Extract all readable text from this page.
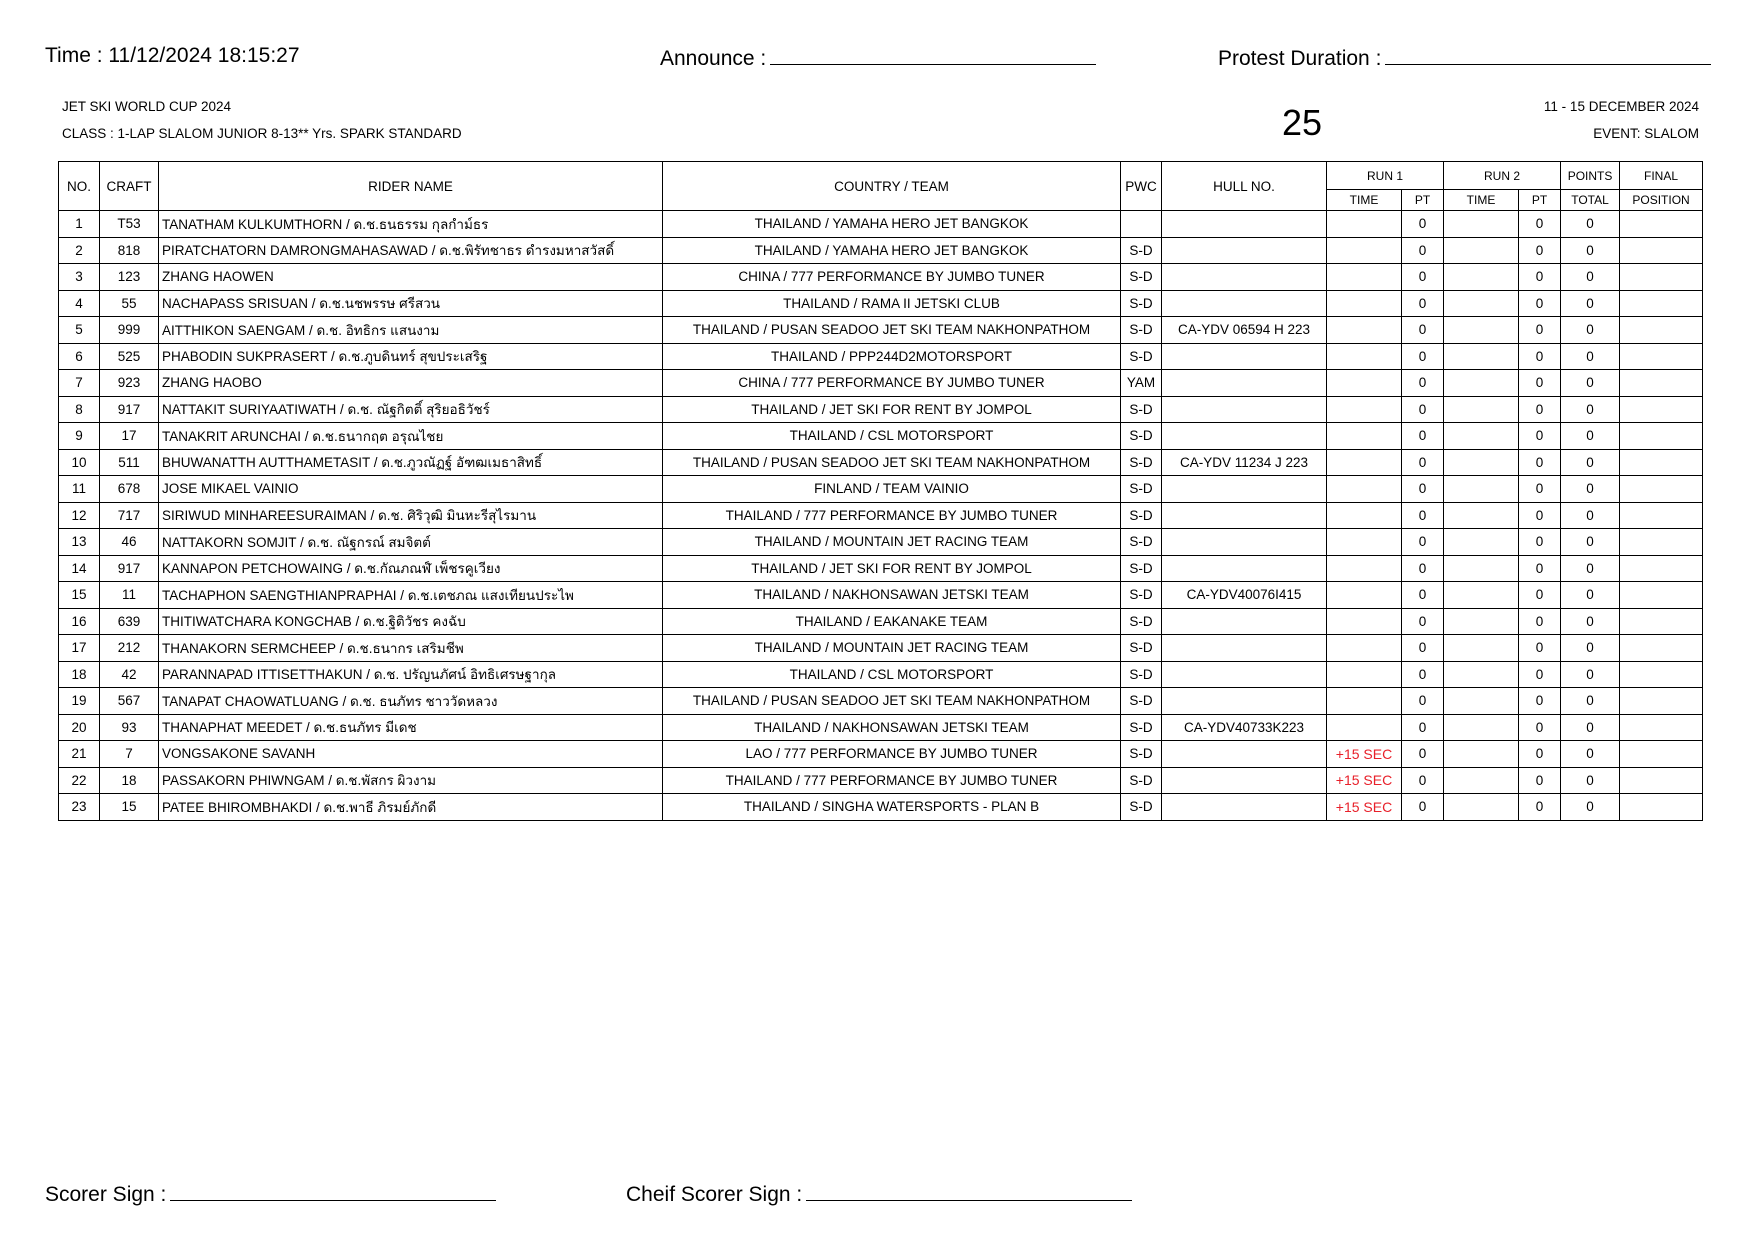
Time : 11/12/2024 18:15:27	Announce :	Protest Duration :
JET SKI WORLD CUP 2024
CLASS : 1-LAP SLALOM JUNIOR 8-13** Yrs. SPARK STANDARD	25	11 - 15 DECEMBER 2024
EVENT: SLALOM
NO.	CRAFT	RIDER NAME	COUNTRY / TEAM	PWC	HULL NO.	RUN 1		RUN 2		POINTS	FINAL
						TIME	PT	TIME	PT	TOTAL	POSITION
1	T53	TANATHAM KULKUMTHORN / ด.ช.ธนธรรม กุลกำม์ธร	THAILAND / YAMAHA HERO JET BANGKOK				0		0	0	
2	818	PIRATCHATORN DAMRONGMAHASAWAD / ด.ช.พิรัทชาธร ดำรงมหาสวัสดิ์	THAILAND / YAMAHA HERO JET BANGKOK	S-D			0		0	0	
3	123	ZHANG HAOWEN	CHINA / 777 PERFORMANCE BY JUMBO TUNER	S-D			0		0	0	
4	55	NACHAPASS SRISUAN / ด.ช.นชพรรษ ศรีสวน	THAILAND / RAMA II JETSKI CLUB	S-D			0		0	0	
5	999	AITTHIKON SAENGAM / ด.ช. อิทธิกร แสนงาม	THAILAND / PUSAN SEADOO JET SKI TEAM NAKHONPATHOM	S-D	CA-YDV 06594 H 223		0		0	0	
6	525	PHABODIN SUKPRASERT / ด.ช.ภูบดินทร์ สุขประเสริฐ	THAILAND / PPP244D2MOTORSPORT	S-D			0		0	0	
7	923	ZHANG HAOBO	CHINA / 777 PERFORMANCE BY JUMBO TUNER	YAM			0		0	0	
8	917	NATTAKIT SURIYAATIWATH / ด.ช. ณัฐกิตติ์ สุริยอธิวัชร์	THAILAND / JET SKI FOR RENT BY JOMPOL	S-D			0		0	0	
9	17	TANAKRIT ARUNCHAI / ด.ช.ธนากฤต อรุณไชย	THAILAND / CSL MOTORSPORT	S-D			0		0	0	
10	511	BHUWANATTH AUTTHAMETASIT / ด.ช.ภูวณัฏฐ์ อัฑฒเมธาสิทธิ์	THAILAND / PUSAN SEADOO JET SKI TEAM NAKHONPATHOM	S-D	CA-YDV 11234 J 223		0		0	0	
11	678	JOSE MIKAEL VAINIO	FINLAND / TEAM VAINIO	S-D			0		0	0	
12	717	SIRIWUD MINHAREESURAIMAN / ด.ช. ศิริวุฒิ มินหะรีสุไรมาน	THAILAND / 777 PERFORMANCE BY JUMBO TUNER	S-D			0		0	0	
13	46	NATTAKORN SOMJIT / ด.ช. ณัฐกรณ์ สมจิตต์	THAILAND / MOUNTAIN JET RACING TEAM	S-D			0		0	0	
14	917	KANNAPON PETCHOWAING / ด.ช.กัณภณฬ์ เพ็ชรคูเวียง	THAILAND / JET SKI FOR RENT BY JOMPOL	S-D			0		0	0	
15	11	TACHAPHON SAENGTHIANPRAPHAI / ด.ช.เตชภณ แสงเทียนประไพ	THAILAND / NAKHONSAWAN JETSKI TEAM	S-D	CA-YDV40076I415		0		0	0	
16	639	THITIWATCHARA KONGCHAB / ด.ช.ฐิติวัชร คงฉับ	THAILAND / EAKANAKE TEAM	S-D			0		0	0	
17	212	THANAKORN SERMCHEEP / ด.ช.ธนากร เสริมชีพ	THAILAND / MOUNTAIN JET RACING TEAM	S-D			0		0	0	
18	42	PARANNAPAD ITTISETTHAKUN / ด.ช. ปรัญนภัศน์ อิทธิเศรษฐากุล	THAILAND / CSL MOTORSPORT	S-D			0		0	0	
19	567	TANAPAT CHAOWATLUANG / ด.ช. ธนภัทร ชาววัดหลวง	THAILAND / PUSAN SEADOO JET SKI TEAM NAKHONPATHOM	S-D			0		0	0	
20	93	THANAPHAT MEEDET / ด.ช.ธนภัทร มีเดช	THAILAND / NAKHONSAWAN JETSKI TEAM	S-D	CA-YDV40733K223		0		0	0	
21	7	VONGSAKONE SAVANH	LAO / 777 PERFORMANCE BY JUMBO TUNER	S-D		+15 SEC	0		0	0	
22	18	PASSAKORN PHIWNGAM / ด.ช.พัสกร ผิวงาม	THAILAND / 777 PERFORMANCE BY JUMBO TUNER	S-D		+15 SEC	0		0	0	
23	15	PATEE BHIROMBHAKDI / ด.ช.พาธี ภิรมย์ภักดี	THAILAND / SINGHA WATERSPORTS - PLAN B	S-D		+15 SEC	0		0	0	
Scorer Sign :	Cheif Scorer Sign :
